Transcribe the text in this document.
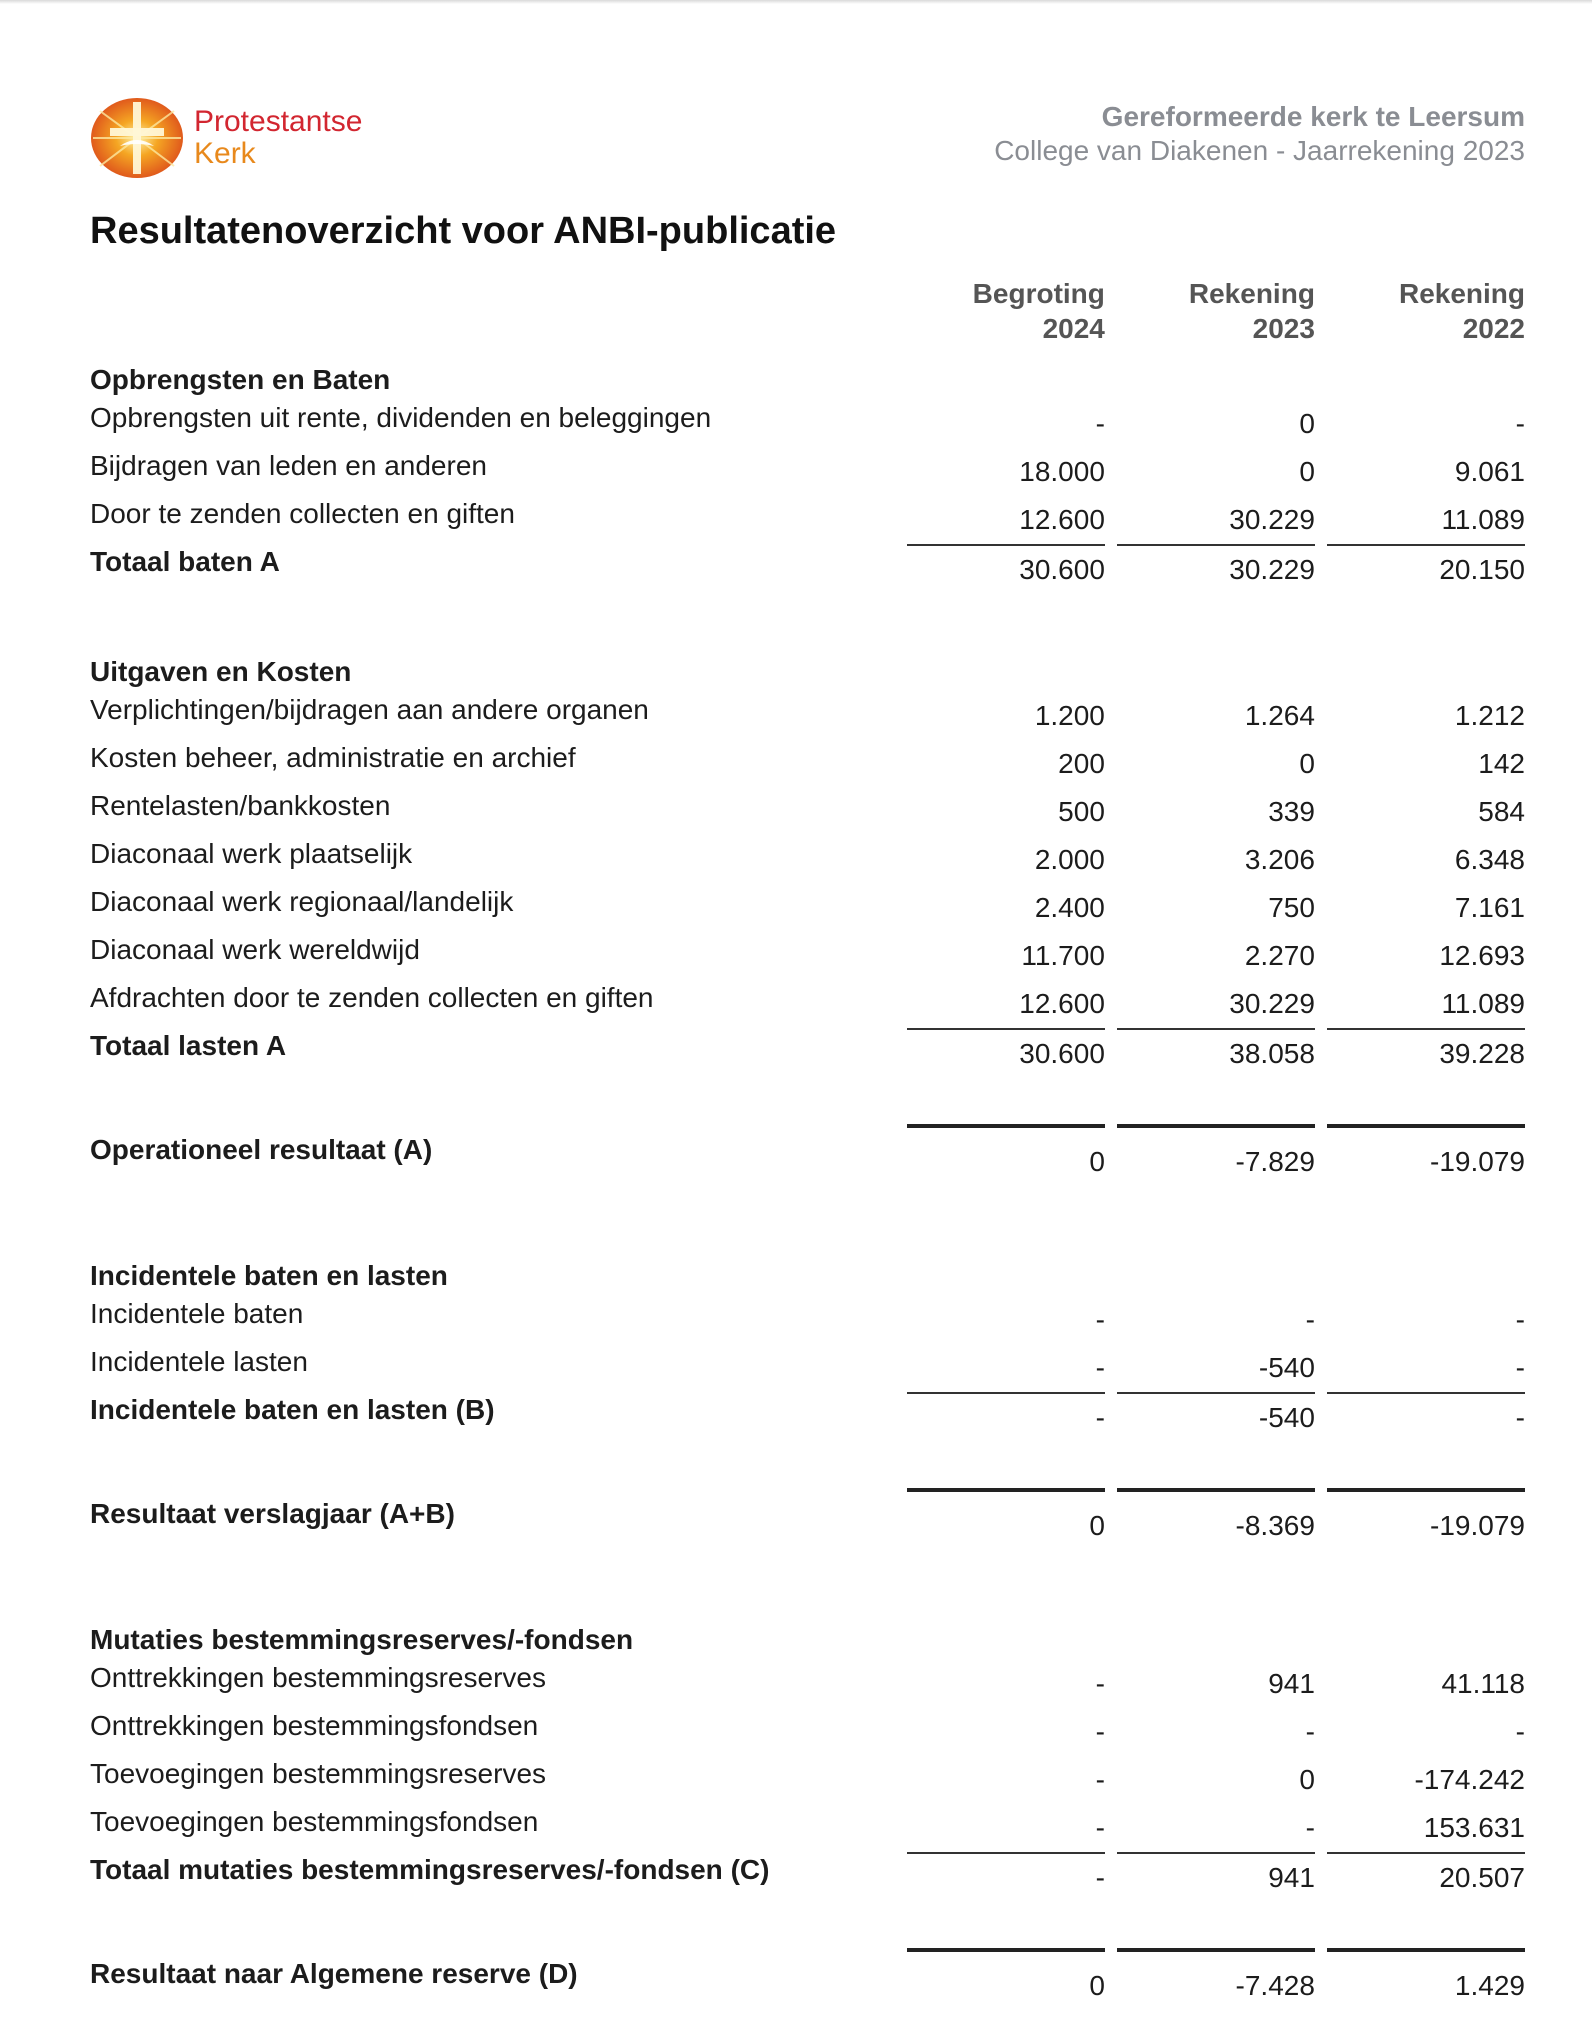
Protestantse
Kerk
Gereformeerde kerk te Leersum
College van Diakenen - Jaarrekening 2023
Resultatenoverzicht voor ANBI-publicatie
	Begroting
2024		Rekening
2023		Rekening
2022
Opbrengsten en Baten					
Opbrengsten uit rente, dividenden en beleggingen	-		0		-
Bijdragen van leden en anderen	18.000		0		9.061
Door te zenden collecten en giften	12.600		30.229		11.089
Totaal baten A	30.600		30.229		20.150

Uitgaven en Kosten					
Verplichtingen/bijdragen aan andere organen	1.200		1.264		1.212
Kosten beheer, administratie en archief	200		0		142
Rentelasten/bankkosten	500		339		584
Diaconaal werk plaatselijk	2.000		3.206		6.348
Diaconaal werk regionaal/landelijk	2.400		750		7.161
Diaconaal werk wereldwijd	11.700		2.270		12.693
Afdrachten door te zenden collecten en giften	12.600		30.229		11.089
Totaal lasten A	30.600		38.058		39.228

Operationeel resultaat (A)	0		-7.829		-19.079

Incidentele baten en lasten					
Incidentele baten	-		-		-
Incidentele lasten	-		-540		-
Incidentele baten en lasten (B)	-		-540		-

Resultaat verslagjaar (A+B)	0		-8.369		-19.079

Mutaties bestemmingsreserves/-fondsen					
Onttrekkingen bestemmingsreserves	-		941		41.118
Onttrekkingen bestemmingsfondsen	-		-		-
Toevoegingen bestemmingsreserves	-		0		-174.242
Toevoegingen bestemmingsfondsen	-		-		153.631
Totaal mutaties bestemmingsreserves/-fondsen (C)	-		941		20.507

Resultaat naar Algemene reserve (D)	0		-7.428		1.429
